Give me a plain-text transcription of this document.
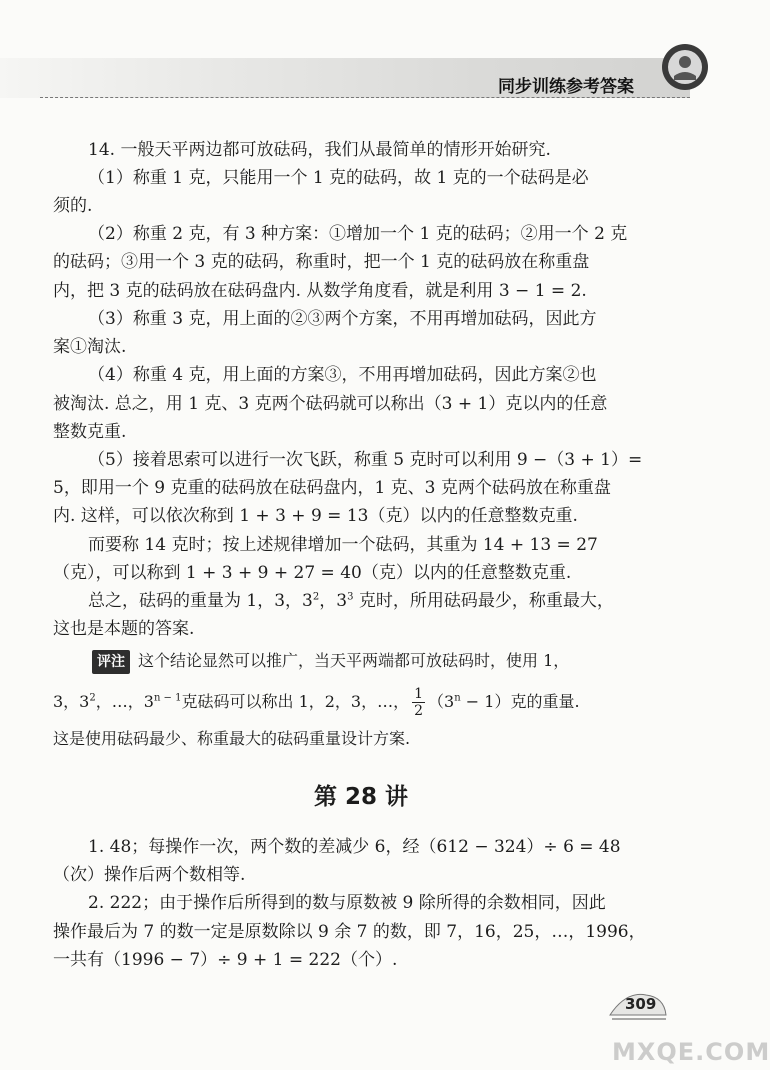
同步训练参考答案
14. 一般天平两边都可放砝码，我们从最简单的情形开始研究.
（1）称重 1 克，只能用一个 1 克的砝码，故 1 克的一个砝码是必
须的.
（2）称重 2 克，有 3 种方案：①增加一个 1 克的砝码；②用一个 2 克
的砝码；③用一个 3 克的砝码，称重时，把一个 1 克的砝码放在称重盘
内，把 3 克的砝码放在砝码盘内. 从数学角度看，就是利用 3 − 1 = 2.
（3）称重 3 克，用上面的②③两个方案，不用再增加砝码，因此方
案①淘汰.
（4）称重 4 克，用上面的方案③，不用再增加砝码，因此方案②也
被淘汰. 总之，用 1 克、3 克两个砝码就可以称出（3 + 1）克以内的任意
整数克重.
（5）接着思索可以进行一次飞跃，称重 5 克时可以利用 9 −（3 + 1）=
5，即用一个 9 克重的砝码放在砝码盘内，1 克、3 克两个砝码放在称重盘
内. 这样，可以依次称到 1 + 3 + 9 = 13（克）以内的任意整数克重.
而要称 14 克时；按上述规律增加一个砝码，其重为 14 + 13 = 27
（克），可以称到 1 + 3 + 9 + 27 = 40（克）以内的任意整数克重.
总之，砝码的重量为 1，3，$3^2$，$3^3$ 克时，所用砝码最少，称重最大，
这也是本题的答案.
评注 这个结论显然可以推广，当天平两端都可放砝码时，使用 1，
3，$3^2$，…，$3^{n - 1}$克砝码可以称出 1，2，3，…， $\frac{1}{2} (3^n - 1)$克的重量.
这是使用砝码最少、称重最大的砝码重量设计方案.
第 28 讲
1. 48；每操作一次，两个数的差减少 6，经（612 − 324）÷ 6 = 48
（次）操作后两个数相等.
2. 222；由于操作后所得到的数与原数被 9 除所得的余数相同，因此
操作最后为 7 的数一定是原数除以 9 余 7 的数，即 7，16，25，…，1996，
一共有（1996 − 7）÷ 9 + 1 = 222（个）.
309
MXQE.COM
